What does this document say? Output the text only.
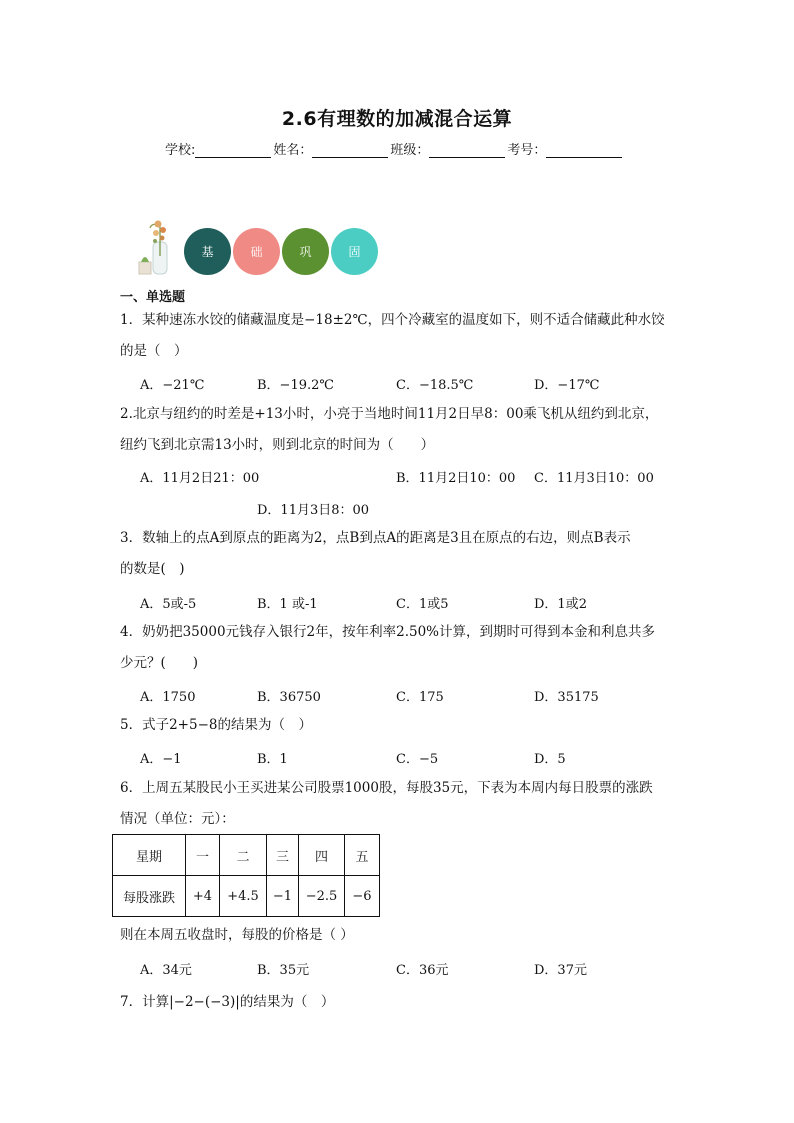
2.6有理数的加减混合运算
学校:	姓名：	班级：	考号：
基	础	巩	固
一、单选题
1．某种速冻水饺的储藏温度是−18±2℃，四个冷藏室的温度如下，则不适合储藏此种水饺
的是（　）
A．−21℃	B．−19.2℃	C．−18.5℃	D．−17℃
2.北京与纽约的时差是+13小时，小亮于当地时间11月2日早8：00乘飞机从纽约到北京，
纽约飞到北京需13小时，则到北京的时间为（　　）
A．11月2日21：00	B．11月2日10：00 C．11月3日10：00
D．11月3日8：00
3．数轴上的点A到原点的距离为2，点B到点A的距离是3且在原点的右边，则点B表示
的数是(　)
A．5或-5	B．1 或-1	C．1或5	D．1或2
4．奶奶把35000元钱存入银行2年，按年利率2.50%计算，到期时可得到本金和利息共多
少元？(　　)
A．1750	B．36750	C．175	D．35175
5．式子2+5−8的结果为（　）
A．−1	B．1	C．−5	D．5
6．上周五某股民小王买进某公司股票1000股，每股35元，下表为本周内每日股票的涨跌
情况（单位：元）：
星期	一	二	三	四	五
每股涨跌	+4	+4.5	−1	−2.5	−6
则在本周五收盘时，每股的价格是（ ）
A．34元	B．35元	C．36元	D．37元
7．计算|−2−(−3)|的结果为（　）
